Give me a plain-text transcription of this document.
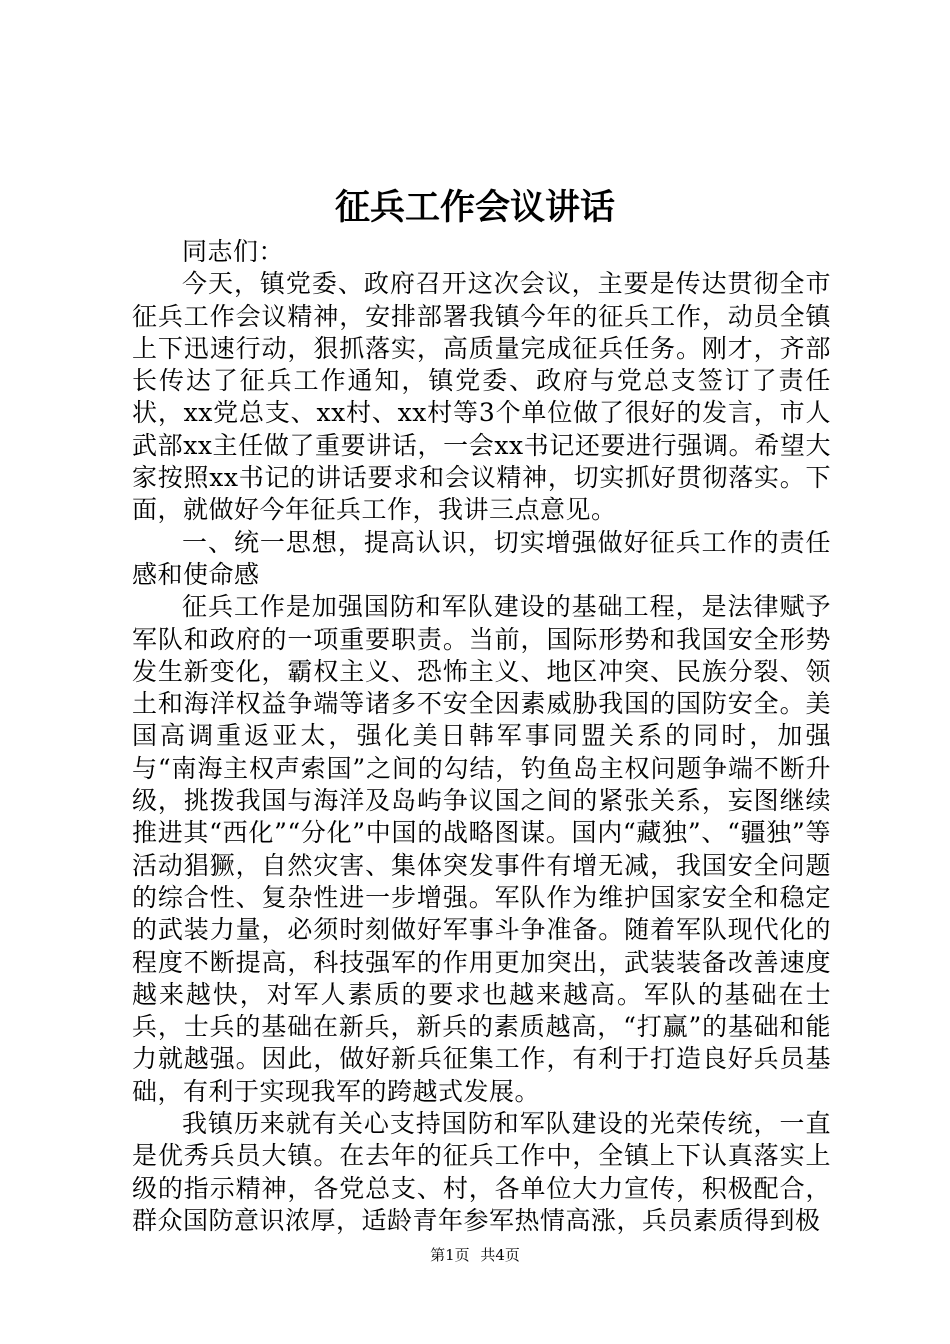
征兵工作会议讲话

同志们：

今天，镇党委、政府召开这次会议，主要是传达贯彻全市征兵工作会议精神，安排部署我镇今年的征兵工作，动员全镇上下迅速行动，狠抓落实，高质量完成征兵任务。刚才，齐部长传达了征兵工作通知，镇党委、政府与党总支签订了责任状，xx党总支、xx村、xx村等3个单位做了很好的发言，市人武部xx主任做了重要讲话，一会xx书记还要进行强调。希望大家按照xx书记的讲话要求和会议精神，切实抓好贯彻落实。下面，就做好今年征兵工作，我讲三点意见。

一、统一思想，提高认识，切实增强做好征兵工作的责任感和使命感

征兵工作是加强国防和军队建设的基础工程，是法律赋予军队和政府的一项重要职责。当前，国际形势和我国安全形势发生新变化，霸权主义、恐怖主义、地区冲突、民族分裂、领土和海洋权益争端等诸多不安全因素威胁我国的国防安全。美国高调重返亚太，强化美日韩军事同盟关系的同时，加强与“南海主权声索国”之间的勾结，钓鱼岛主权问题争端不断升级，挑拨我国与海洋及岛屿争议国之间的紧张关系，妄图继续推进其“西化”“分化”中国的战略图谋。国内“藏独”、“疆独”等活动猖獗，自然灾害、集体突发事件有增无减，我国安全问题的综合性、复杂性进一步增强。军队作为维护国家安全和稳定的武装力量，必须时刻做好军事斗争准备。随着军队现代化的程度不断提高，科技强军的作用更加突出，武装装备改善速度越来越快，对军人素质的要求也越来越高。军队的基础在士兵，士兵的基础在新兵，新兵的素质越高，“打赢”的基础和能力就越强。因此，做好新兵征集工作，有利于打造良好兵员基础，有利于实现我军的跨越式发展。

我镇历来就有关心支持国防和军队建设的光荣传统，一直是优秀兵员大镇。在去年的征兵工作中，全镇上下认真落实上级的指示精神，各党总支、村，各单位大力宣传，积极配合，群众国防意识浓厚，适龄青年参军热情高涨，兵员素质得到极

第1页 共4页
